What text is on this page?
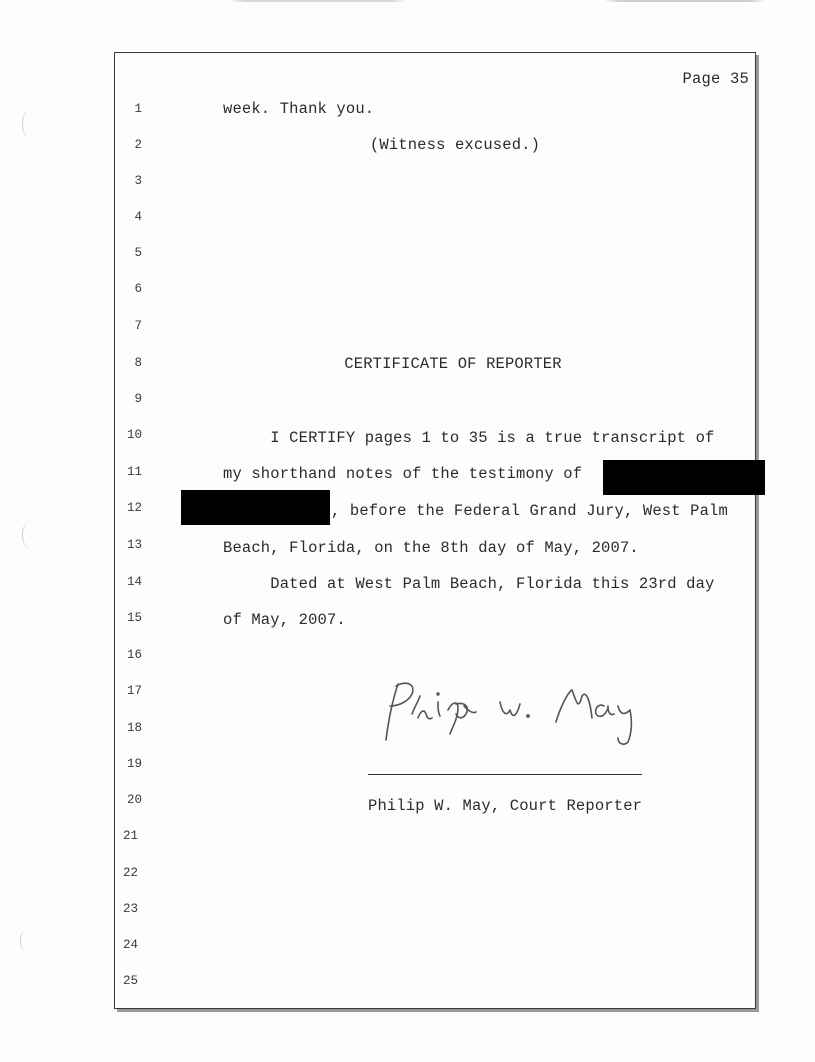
Page 35
1
2
3
4
5
6
7
8
9
10
11
12
13
14
15
16
17
18
19
20
21
22
23
24
25
week. Thank you.
(Witness excused.)
CERTIFICATE OF REPORTER
I CERTIFY pages 1 to 35 is a true transcript of
my shorthand notes of the testimony of
, before the Federal Grand Jury, West Palm
Beach, Florida, on the 8th day of May, 2007.
Dated at West Palm Beach, Florida this 23rd day
of May, 2007.
Philip W. May, Court Reporter
